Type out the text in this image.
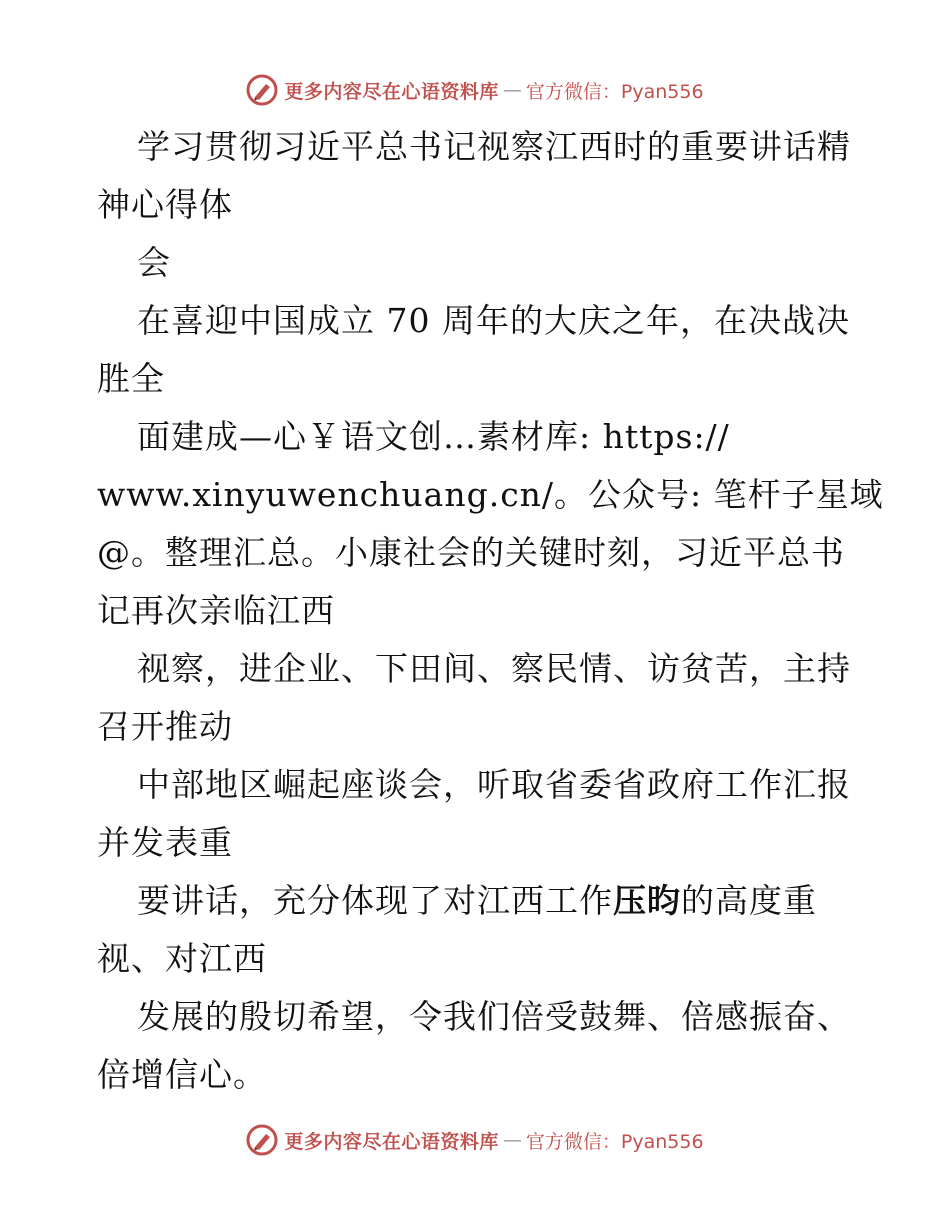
更多内容尽在心语资料库 — 官方微信：Pyan556
学习贯彻习近平总书记视察江西时的重要讲话精
神心得体
会
在喜迎中国成立 70 周年的大庆之年，在决战决
胜全
面建成—心￥语文创…素材库: https://
www.xinyuwenchuang.cn/。公众号: 笔杆子星域
@。整理汇总。小康社会的关键时刻，习近平总书
记再次亲临江西
视察，进企业、下田间、察民情、访贫苦，主持
召开推动
中部地区崛起座谈会，听取省委省政府工作汇报
并发表重
要讲话，充分体现了对江西工作压昀的高度重
视、对江西
发展的殷切希望，令我们倍受鼓舞、倍感振奋、
倍增信心。
更多内容尽在心语资料库 — 官方微信：Pyan556
